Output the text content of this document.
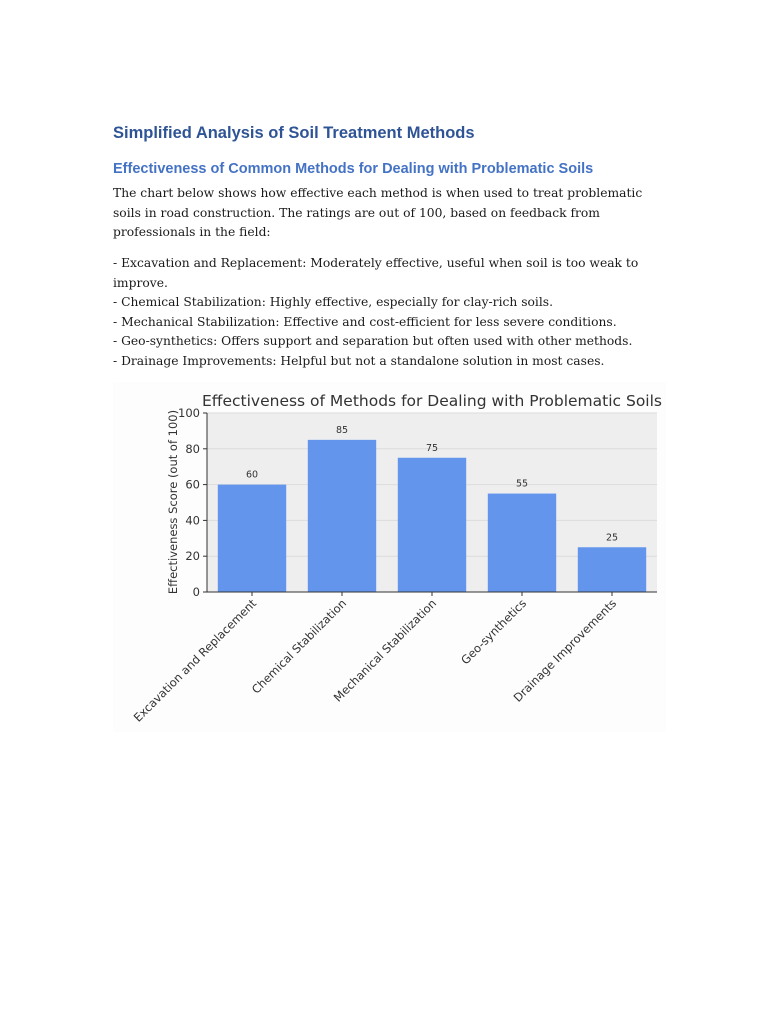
Simplified Analysis of Soil Treatment Methods
Effectiveness of Common Methods for Dealing with Problematic Soils
The chart below shows how effective each method is when used to treat problematic soils in road construction. The ratings are out of 100, based on feedback from professionals in the field:
- Excavation and Replacement: Moderately effective, useful when soil is too weak to improve.
- Chemical Stabilization: Highly effective, especially for clay-rich soils.
- Mechanical Stabilization: Effective and cost-efficient for less severe conditions.
- Geo-synthetics: Offers support and separation but often used with other methods.
- Drainage Improvements: Helpful but not a standalone solution in most cases.
60
85
75
55
25
0
20
40
60
80
100
Excavation and Replacement
Chemical Stabilization
Mechanical Stabilization Geo-synthetics
Drainage Improvements
Effectiveness of Methods for Dealing with Problematic Soils
Effectiveness Score (out of 100)
